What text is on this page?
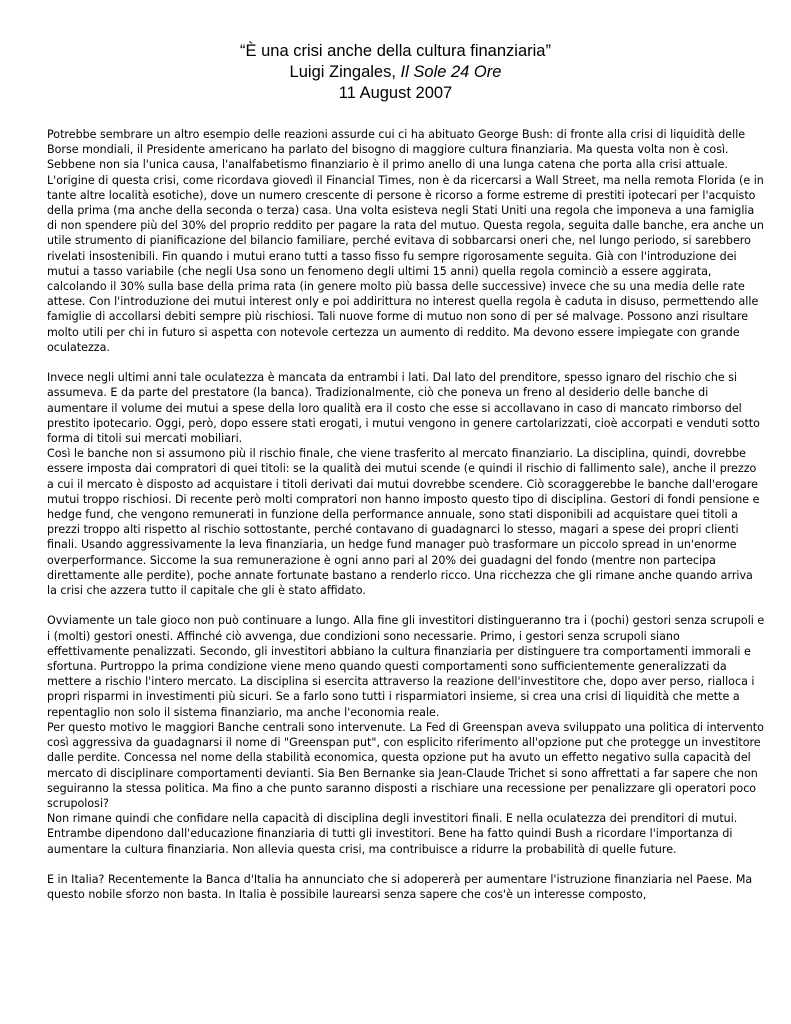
“È una crisi anche della cultura finanziaria”
Luigi Zingales, Il Sole 24 Ore
11 August 2007

Potrebbe sembrare un altro esempio delle reazioni assurde cui ci ha abituato George Bush: di fronte alla crisi di liquidità delle Borse mondiali, il Presidente americano ha parlato del bisogno di maggiore cultura finanziaria. Ma questa volta non è così. Sebbene non sia l'unica causa, l'analfabetismo finanziario è il primo anello di una lunga catena che porta alla crisi attuale.

L'origine di questa crisi, come ricordava giovedì il Financial Times, non è da ricercarsi a Wall Street, ma nella remota Florida (e in tante altre località esotiche), dove un numero crescente di persone è ricorso a forme estreme di prestiti ipotecari per l'acquisto della prima (ma anche della seconda o terza) casa. Una volta esisteva negli Stati Uniti una regola che imponeva a una famiglia di non spendere più del 30% del proprio reddito per pagare la rata del mutuo. Questa regola, seguita dalle banche, era anche un utile strumento di pianificazione del bilancio familiare, perché evitava di sobbarcarsi oneri che, nel lungo periodo, si sarebbero rivelati insostenibili. Fin quando i mutui erano tutti a tasso fisso fu sempre rigorosamente seguita. Già con l'introduzione dei mutui a tasso variabile (che negli Usa sono un fenomeno degli ultimi 15 anni) quella regola cominciò a essere aggirata, calcolando il 30% sulla base della prima rata (in genere molto più bassa delle successive) invece che su una media delle rate attese. Con l'introduzione dei mutui interest only e poi addirittura no interest quella regola è caduta in disuso, permettendo alle famiglie di accollarsi debiti sempre più rischiosi. Tali nuove forme di mutuo non sono di per sé malvage. Possono anzi risultare molto utili per chi in futuro si aspetta con notevole certezza un aumento di reddito. Ma devono essere impiegate con grande oculatezza.

Invece negli ultimi anni tale oculatezza è mancata da entrambi i lati. Dal lato del prenditore, spesso ignaro del rischio che si assumeva. E da parte del prestatore (la banca). Tradizionalmente, ciò che poneva un freno al desiderio delle banche di aumentare il volume dei mutui a spese della loro qualità era il costo che esse si accollavano in caso di mancato rimborso del prestito ipotecario. Oggi, però, dopo essere stati erogati, i mutui vengono in genere cartolarizzati, cioè accorpati e venduti sotto forma di titoli sui mercati mobiliari.

Così le banche non si assumono più il rischio finale, che viene trasferito al mercato finanziario. La disciplina, quindi, dovrebbe essere imposta dai compratori di quei titoli: se la qualità dei mutui scende (e quindi il rischio di fallimento sale), anche il prezzo a cui il mercato è disposto ad acquistare i titoli derivati dai mutui dovrebbe scendere. Ciò scoraggerebbe le banche dall'erogare mutui troppo rischiosi. Di recente però molti compratori non hanno imposto questo tipo di disciplina. Gestori di fondi pensione e hedge fund, che vengono remunerati in funzione della performance annuale, sono stati disponibili ad acquistare quei titoli a prezzi troppo alti rispetto al rischio sottostante, perché contavano di guadagnarci lo stesso, magari a spese dei propri clienti finali. Usando aggressivamente la leva finanziaria, un hedge fund manager può trasformare un piccolo spread in un'enorme overperformance. Siccome la sua remunerazione è ogni anno pari al 20% dei guadagni del fondo (mentre non partecipa direttamente alle perdite), poche annate fortunate bastano a renderlo ricco. Una ricchezza che gli rimane anche quando arriva la crisi che azzera tutto il capitale che gli è stato affidato.

Ovviamente un tale gioco non può continuare a lungo. Alla fine gli investitori distingueranno tra i (pochi) gestori senza scrupoli e i (molti) gestori onesti. Affinché ciò avvenga, due condizioni sono necessarie. Primo, i gestori senza scrupoli siano effettivamente penalizzati. Secondo, gli investitori abbiano la cultura finanziaria per distinguere tra comportamenti immorali e sfortuna. Purtroppo la prima condizione viene meno quando questi comportamenti sono sufficientemente generalizzati da mettere a rischio l'intero mercato. La disciplina si esercita attraverso la reazione dell'investitore che, dopo aver perso, rialloca i propri risparmi in investimenti più sicuri. Se a farlo sono tutti i risparmiatori insieme, si crea una crisi di liquidità che mette a repentaglio non solo il sistema finanziario, ma anche l'economia reale.

Per questo motivo le maggiori Banche centrali sono intervenute. La Fed di Greenspan aveva sviluppato una politica di intervento così aggressiva da guadagnarsi il nome di "Greenspan put", con esplicito riferimento all'opzione put che protegge un investitore dalle perdite. Concessa nel nome della stabilità economica, questa opzione put ha avuto un effetto negativo sulla capacità del mercato di disciplinare comportamenti devianti. Sia Ben Bernanke sia Jean-Claude Trichet si sono affrettati a far sapere che non seguiranno la stessa politica. Ma fino a che punto saranno disposti a rischiare una recessione per penalizzare gli operatori poco scrupolosi?

Non rimane quindi che confidare nella capacità di disciplina degli investitori finali. E nella oculatezza dei prenditori di mutui. Entrambe dipendono dall'educazione finanziaria di tutti gli investitori. Bene ha fatto quindi Bush a ricordare l'importanza di aumentare la cultura finanziaria. Non allevia questa crisi, ma contribuisce a ridurre la probabilità di quelle future.

E in Italia? Recentemente la Banca d'Italia ha annunciato che si adopererà per aumentare l'istruzione finanziaria nel Paese. Ma questo nobile sforzo non basta. In Italia è possibile laurearsi senza sapere che cos'è un interesse composto,
